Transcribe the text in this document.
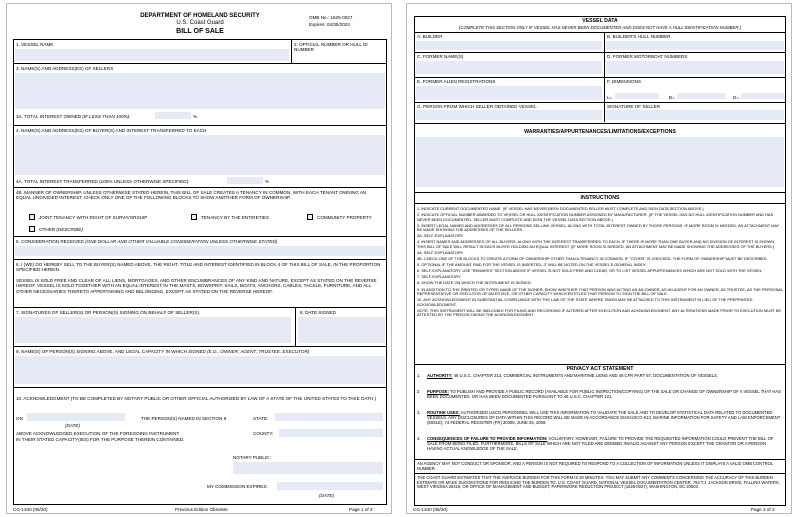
DEPARTMENT OF HOMELAND SECURITY
U.S. Coast Guard
BILL OF SALE
OMB No.: 1625-0027
Expires: 04/30/2023
1. VESSEL NAME	2. OFFICIAL NUMBER OR HULL ID NUMBER
3. NAME(S) AND ADDRESS(ES) OF SELLERS
3A. TOTAL INTEREST OWNED (IF LESS THAN 100%):	%
4. NAME(S) AND ADDRESS(ES) OF BUYER(S) AND INTEREST TRANSFERRED TO EACH
4A. TOTAL INTEREST TRANSFERRED (100% UNLESS OTHERWISE SPECIFIED):	%
4B. MANNER OF OWNERSHIP. UNLESS OTHERWISE STATED HEREIN, THIS BILL OF SALE CREATES A TENANCY IN COMMON, WITH EACH TENANT OWNING AN EQUAL UNDIVIDED INTEREST. CHECK ONLY ONE OF THE FOLLOWING BLOCKS TO SHOW ANOTHER FORM OF OWNERSHIP.
JOINT TENANCY WITH RIGHT OF SURVIVORSHIP	TENANCY BY THE ENTIRETIES	COMMUNITY PROPERTY
OTHER (DESCRIBE)
5. CONSIDERATION RECEIVED (ONE DOLLAR AND OTHER VALUABLE CONSIDERATION UNLESS OTHERWISE STATED)
6. I (WE) DO HEREBY SELL TO THE BUYER(S) NAMED ABOVE, THE RIGHT, TITLE AND INTEREST IDENTIFIED IN BLOCK 4 OF THIS BILL OF SALE, IN THE PROPORTION SPECIFIED HEREIN.
VESSEL IS SOLD FREE AND CLEAR OF ALL LIENS, MORTGAGES, AND OTHER ENCUMBRANCES OF ANY KIND AND NATURE, EXCEPT AS STATED ON THE REVERSE HEREOF. VESSEL IS SOLD TOGETHER WITH AN EQUAL INTEREST IN THE MASTS, BOWSPRIT, SAILS, BOATS, ANCHORS, CABLES, TACKLE, FURNITURE, AND ALL OTHER NECESSARIES THERETO APPERTAINING AND BELONGING, EXCEPT AS STATED ON THE REVERSE HEREOF.
7. SIGNATURES OF SELLER(S) OR PERSON(S) SIGNING ON BEHALF OF SELLER(S).	8. DATE SIGNED
9. NAME(S) OF PERSON(S) SIGNING ABOVE, AND LEGAL CAPACITY IN WHICH SIGNED (E.G., OWNER, AGENT, TRUSTEE, EXECUTOR)
10. ACKNOWLEDGMENT (TO BE COMPLETED BY NOTARY PUBLIC OR OTHER OFFICIAL AUTHORIZED BY LAW OF A STATE OF THE UNITED STATES TO TAKE OATH.)
ON	THE PERSON(S) NAMED IN SECTION 9	STATE:
(DATE)
ABOVE ACKNOWLEDGED EXECUTION OF THE FOREGOING INSTRUMENT	COUNTY:
IN THEIR STATED CAPACITY(IES) FOR THE PURPOSE THEREIN CONTAINED.
NOTARY PUBLIC:
MY COMMISSION EXPIRES:
(DATE)
CG-1340 (05/20)	Previous Edition Obsolete	Page 1 of 2
VESSEL DATA
(COMPLETE THIS SECTION ONLY IF VESSEL HAS NEVER BEEN DOCUMENTED AND DOES NOT HAVE A HULL IDENTIFICATION NUMBER.)
A. BUILDER	B. BUILDER'S HULL NUMBER
C. FORMER NAME(S)	D. FORMER MOTORBOAT NUMBERS
E. FORMER ALIEN REGISTRATIONS	F. DIMENSIONS
L=	B=	D=
G. PERSON FROM WHICH SELLER OBTAINED VESSEL	SIGNATURE OF SELLER
WARRANTIES/APPURTENANCES/LIMITATIONS/EXCEPTIONS
INSTRUCTIONS

1. INDICATE CURRENT DOCUMENTED NAME. (IF VESSEL HAS NEVER BEEN DOCUMENTED SELLER MUST COMPLETE AND SIGN DATA SECTION ABOVE.)

2. INDICATE OFFICIAL NUMBER AWARDED TO VESSEL OR HULL IDENTIFICATION NUMBER ASSIGNED BY MANUFACTURER. (IF THE VESSEL HAS NO HULL IDENTIFICATION NUMBER AND HAS NEVER BEEN DOCUMENTED, SELLER MUST COMPLETE AND SIGN THE VESSEL DATA SECTION ABOVE.)

3. INSERT LEGAL NAMES AND ADDRESSES OF ALL PERSONS SELLING VESSEL, ALONG WITH TOTAL INTEREST OWNED BY THOSE PERSONS. IF MORE ROOM IS NEEDED, AN ATTACHMENT MAY BE MADE SHOWING THE ADDRESSES OF THE SELLERS.

3A. SELF-EXPLANATORY.

4. INSERT NAMES AND ADDRESSES OF ALL BUYERS, ALONG WITH THE INTEREST TRANSFERRED TO EACH. IF THERE IS MORE THAN ONE BUYER AND NO DIVISION OF INTEREST IS SHOWN, THIS BILL OF SALE WILL RESULT IN EACH BUYER HOLDING AN EQUAL INTEREST. (IF MORE ROOM IS NEEDED, AN ATTACHMENT MAY BE MADE SHOWING THE ADDRESSES OF THE BUYERS.)

4A. SELF-EXPLANATORY.

4B. CHECK ONE OF THE BLOCKS TO CREATE A FORM OF OWNERSHIP OTHER THAN A TENANCY IN COMMON. IF "OTHER" IS CHECKED, THE FORM OF OWNERSHIP MUST BE DESCRIBED.

5. OPTIONAL IF THE AMOUNT PAID FOR THE VESSEL IS INSERTED, IT WILL BE NOTED ON THE VESSEL'S GENERAL INDEX.

6. SELF-EXPLANATORY. USE "REMARKS" SECTION ABOVE IF VESSEL IS NOT SOLD FREE AND CLEAR, OR TO LIST VESSEL APPURTENANCES WHICH ARE NOT SOLD WITH THE VESSEL.

7. SELF-EXPLANATORY.

8. SHOW THE DATE ON WHICH THE INSTRUMENT IS SIGNED.

9. IN ADDITION TO THE PRINTED OR TYPED NAME OF THE SIGNER, SHOW WHETHER THAT PERSON WAS ACTING AS AN OWNER, AS AN AGENT FOR AN OWNER, AS TRUSTEE, AS THE PERSONAL REPRESENTATIVE OR EXECUTOR OF AN ESTATE, OR OTHER CAPACITY WHICH ENTITLED THAT PERSON TO SIGN THE BILL OF SALE.

10. ANY ACKNOWLEDGMENT IN SUBSTANTIAL COMPLIANCE WITH THE LAW OF THE STATE WHERE TAKEN MAY BE ATTACHED TO THIS INSTRUMENT IN LIEU OF THE PREPRINTED ACKNOWLEDGMENT.

NOTE: THIS INSTRUMENT WILL BE INELIGIBLE FOR FILING AND RECORDING IF ALTERED AFTER EXECUTION AND ACKNOWLEDGMENT. ANY ALTERATIONS MADE PRIOR TO EXECUTION MUST BE ATTESTED BY THE PERSON TAKING THE ACKNOWLEDGMENT.

PRIVACY ACT STATEMENT
1.	AUTHORITY: 46 U.S.C. CHAPTER 313, COMMERCIAL INSTRUMENTS AND MARITIME LIENS AND 46 CFR PART 67, DOCUMENTATION OF VESSELS.
2.	PURPOSE: TO PUBLISH AND PROVIDE A PUBLIC RECORD (AVAILABLE FOR PUBLIC INSPECTION/COPYING) OF THE SALE OR CHANGE OF OWNERSHIP OF A VESSEL THAT HAS BEEN DOCUMENTED, OR HAS BEEN DOCUMENTED PURSUANT TO 46 U.S.C. CHAPTER 121.
3.	ROUTINE USES: AUTHORIZED USCG PERSONNEL WILL USE THIS INFORMATION TO VALIDATE THE SALE AND TO DEVELOP STATISTICAL DATA RELATED TO DOCUMENTED VESSELS. ANY DISCLOSURES OF DATA WITHIN THIS RECORD WILL BE MADE IN ACCORDANCE DHS/USCG-013, MARINE INFORMATION FOR SAFETY AND LAW ENFORCEMENT (MISLE), 74 FEDERAL REGISTER (FR) 30305, JUNE 25, 2009.
4.	CONSEQUENCES OF FAILURE TO PROVIDE INFORMATION: VOLUNTARY. HOWEVER, FAILURE TO PROVIDE THE REQUESTED INFORMATION COULD PREVENT THE BILL OF SALE FROM BEING FILED. FURTHERMORE, BILLS OF SALE WHICH ARE NOT FILED ARE DEEMED INVALID AGAINST ANY PERSON EXCEPT THE GRANTOR OR A PERSON HAVING ACTUAL KNOWLEDGE OF THE SALE.
AN AGENCY MAY NOT CONDUCT OR SPONSOR, AND A PERSON IS NOT REQUIRED TO RESPOND TO A COLLECTION OF INFORMATION UNLESS IT DISPLAYS A VALID OMB CONTROL NUMBER.
THE COAST GUARD ESTIMATES THAT THE AVERAGE BURDEN FOR THIS FORM IS 20 MINUTES. YOU MAY SUBMIT ANY COMMENTS CONCERNING THE ACCURACY OF THIS BURDEN ESTIMATE OR MAKE SUGGESTIONS FOR REDUCING THE BURDEN TO: U.S. COAST GUARD, NATIONAL VESSEL DOCUMENTATION CENTER, 792 T.J. JACKSON DRIVE, FALLING WATERS, WEST VIRGINIA 25419, OR OFFICE OF MANAGEMENT AND BUDGET, PAPERWORK REDUCTION PROJECT (1625-0027), WASHINGTON, DC 20503.
CG-1340 (05/20)	Page 2 of 2
